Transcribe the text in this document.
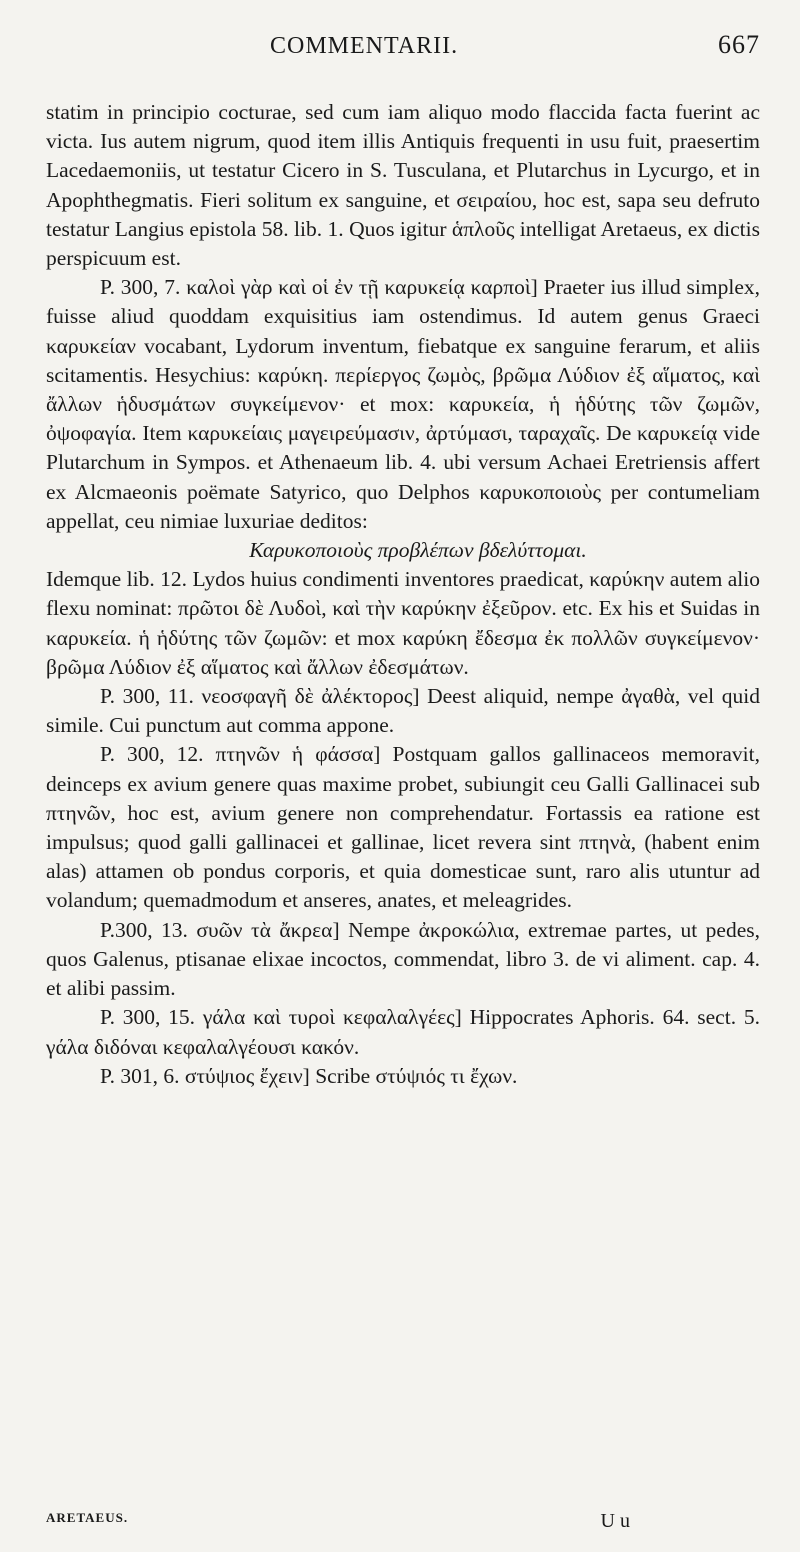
COMMENTARII.	667

statim in principio cocturae, sed cum iam aliquo modo flaccida facta fuerint ac victa. Ius autem nigrum, quod item illis Antiquis frequenti in usu fuit, praesertim Lacedaemoniis, ut testatur Cicero in S. Tusculana, et Plutarchus in Lycurgo, et in Apophthegmatis. Fieri solitum ex sanguine, et σειραίου, hoc est, sapa seu defruto testatur Langius epistola 58. lib. 1. Quos igitur ἁπλοῦς intelligat Aretaeus, ex dictis perspicuum est.

P. 300, 7. καλοὶ γὰρ καὶ οἱ ἐν τῇ καρυκείᾳ καρποὶ] Praeter ius illud simplex, fuisse aliud quoddam exquisitius iam ostendimus. Id autem genus Graeci καρυκείαν vocabant, Lydorum inventum, fiebatque ex sanguine ferarum, et aliis scitamentis. Hesychius: καρύκη. περίεργος ζωμὸς, βρῶμα Λύδιον ἐξ αἵματος, καὶ ἄλλων ἡδυσμάτων συγκείμενον· et mox: καρυκεία, ἡ ἡδύτης τῶν ζωμῶν, ὀψοφαγία. Item καρυκείαις μαγειρεύμασιν, ἀρτύμασι, ταραχαῖς. De καρυκείᾳ vide Plutarchum in Sympos. et Athenaeum lib. 4. ubi versum Achaei Eretriensis affert ex Alcmaeonis poëmate Satyrico, quo Delphos καρυκοποιοὺς per contumeliam appellat, ceu nimiae luxuriae deditos:

Καρυκοποιοὺς προβλέπων βδελύττομαι.

Idemque lib. 12. Lydos huius condimenti inventores praedicat, καρύκην autem alio flexu nominat: πρῶτοι δὲ Λυδοὶ, καὶ τὴν καρύκην ἐξεῦρον. etc. Ex his et Suidas in καρυκεία. ἡ ἡδύτης τῶν ζωμῶν: et mox καρύκη ἔδεσμα ἐκ πολλῶν συγκείμενον· βρῶμα Λύδιον ἐξ αἵματος καὶ ἄλλων ἐδεσμάτων.

P. 300, 11. νεοσφαγῆ δὲ ἀλέκτορος] Deest aliquid, nempe ἀγαθὰ, vel quid simile. Cui punctum aut comma appone.

P. 300, 12. πτηνῶν ἡ φάσσα] Postquam gallos gallinaceos memoravit, deinceps ex avium genere quas maxime probet, subiungit ceu Galli Gallinacei sub πτηνῶν, hoc est, avium genere non comprehendatur. Fortassis ea ratione est impulsus; quod galli gallinacei et gallinae, licet revera sint πτηνὰ, (habent enim alas) attamen ob pondus corporis, et quia domesticae sunt, raro alis utuntur ad volandum; quemadmodum et anseres, anates, et meleagrides.

P.300, 13. συῶν τὰ ἄκρεα] Nempe ἀκροκώλια, extremae partes, ut pedes, quos Galenus, ptisanae elixae incoctos, commendat, libro 3. de vi aliment. cap. 4. et alibi passim.

P. 300, 15. γάλα καὶ τυροὶ κεφαλαλγέες] Hippocrates Aphoris. 64. sect. 5. γάλα διδόναι κεφαλαλγέουσι κακόν.

P. 301, 6. στύψιος ἔχειν] Scribe στύψιός τι ἔχων.

ARETAEUS.	U u
